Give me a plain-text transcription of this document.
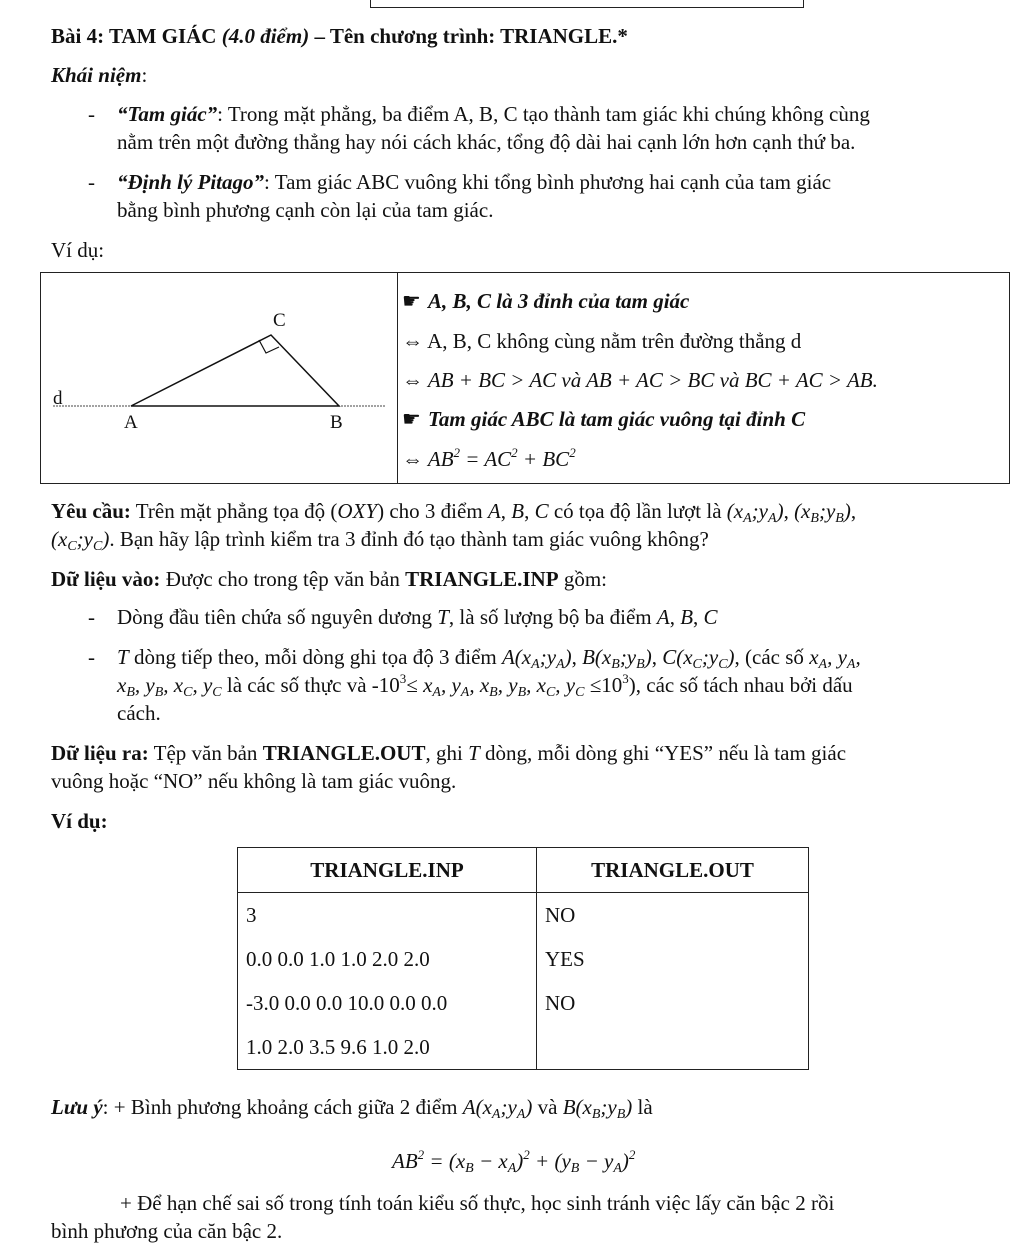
Bài 4: TAM GIÁC (4.0 điểm) – Tên chương trình: TRIANGLE.*
Khái niệm:
- “Tam giác”: Trong mặt phẳng, ba điểm A, B, C tạo thành tam giác khi chúng không cùng
nằm trên một đường thẳng hay nói cách khác, tổng độ dài hai cạnh lớn hơn cạnh thứ ba.
- “Định lý Pitago”: Tam giác ABC vuông khi tổng bình phương hai cạnh của tam giác
bằng bình phương cạnh còn lại của tam giác.
Ví dụ:
C
A	B
d
☛ A, B, C là 3 đỉnh của tam giác
⇔ A, B, C không cùng nằm trên đường thẳng d
⇔ AB + BC > AC và AB + AC > BC và BC + AC > AB.
☛ Tam giác ABC là tam giác vuông tại đỉnh C
⇔ $AB^2 = AC^2 + BC^2$
Yêu cầu: Trên mặt phẳng tọa độ (OXY) cho 3 điểm A, B, C có tọa độ lần lượt là $(x_A;y_A)$, $(x_B;y_B)$,
$(x_C;y_C)$. Bạn hãy lập trình kiểm tra 3 đỉnh đó tạo thành tam giác vuông không?
Dữ liệu vào: Được cho trong tệp văn bản TRIANGLE.INP gồm:
- Dòng đầu tiên chứa số nguyên dương T, là số lượng bộ ba điểm A, B, C
- T dòng tiếp theo, mỗi dòng ghi tọa độ 3 điểm $A(x_A;y_A)$, $B(x_B;y_B)$, $C(x_C;y_C)$, (các số $x_A$, $y_A$,
$x_B$, $y_B$, $x_C$, $y_C$ là các số thực và $-10^3\le x_A$, $y_A$, $x_B$, $y_B$, $x_C$, $y_C \le 10^3$), các số tách nhau bởi dấu
cách.
Dữ liệu ra: Tệp văn bản TRIANGLE.OUT, ghi T dòng, mỗi dòng ghi “YES” nếu là tam giác
vuông hoặc “NO” nếu không là tam giác vuông.
Ví dụ:
TRIANGLE.INP	TRIANGLE.OUT
3	NO
0.0 0.0 1.0 1.0 2.0 2.0	YES
-3.0 0.0 0.0 10.0 0.0 0.0	NO
1.0 2.0 3.5 9.6 1.0 2.0	
Lưu ý: + Bình phương khoảng cách giữa 2 điểm $A(x_A;y_A)$ và $B(x_B;y_B)$ là
$AB^2 = (x_B - x_A)^2 + (y_B - y_A)^2$
+ Để hạn chế sai số trong tính toán kiểu số thực, học sinh tránh việc lấy căn bậc 2 rồi
bình phương của căn bậc 2.
